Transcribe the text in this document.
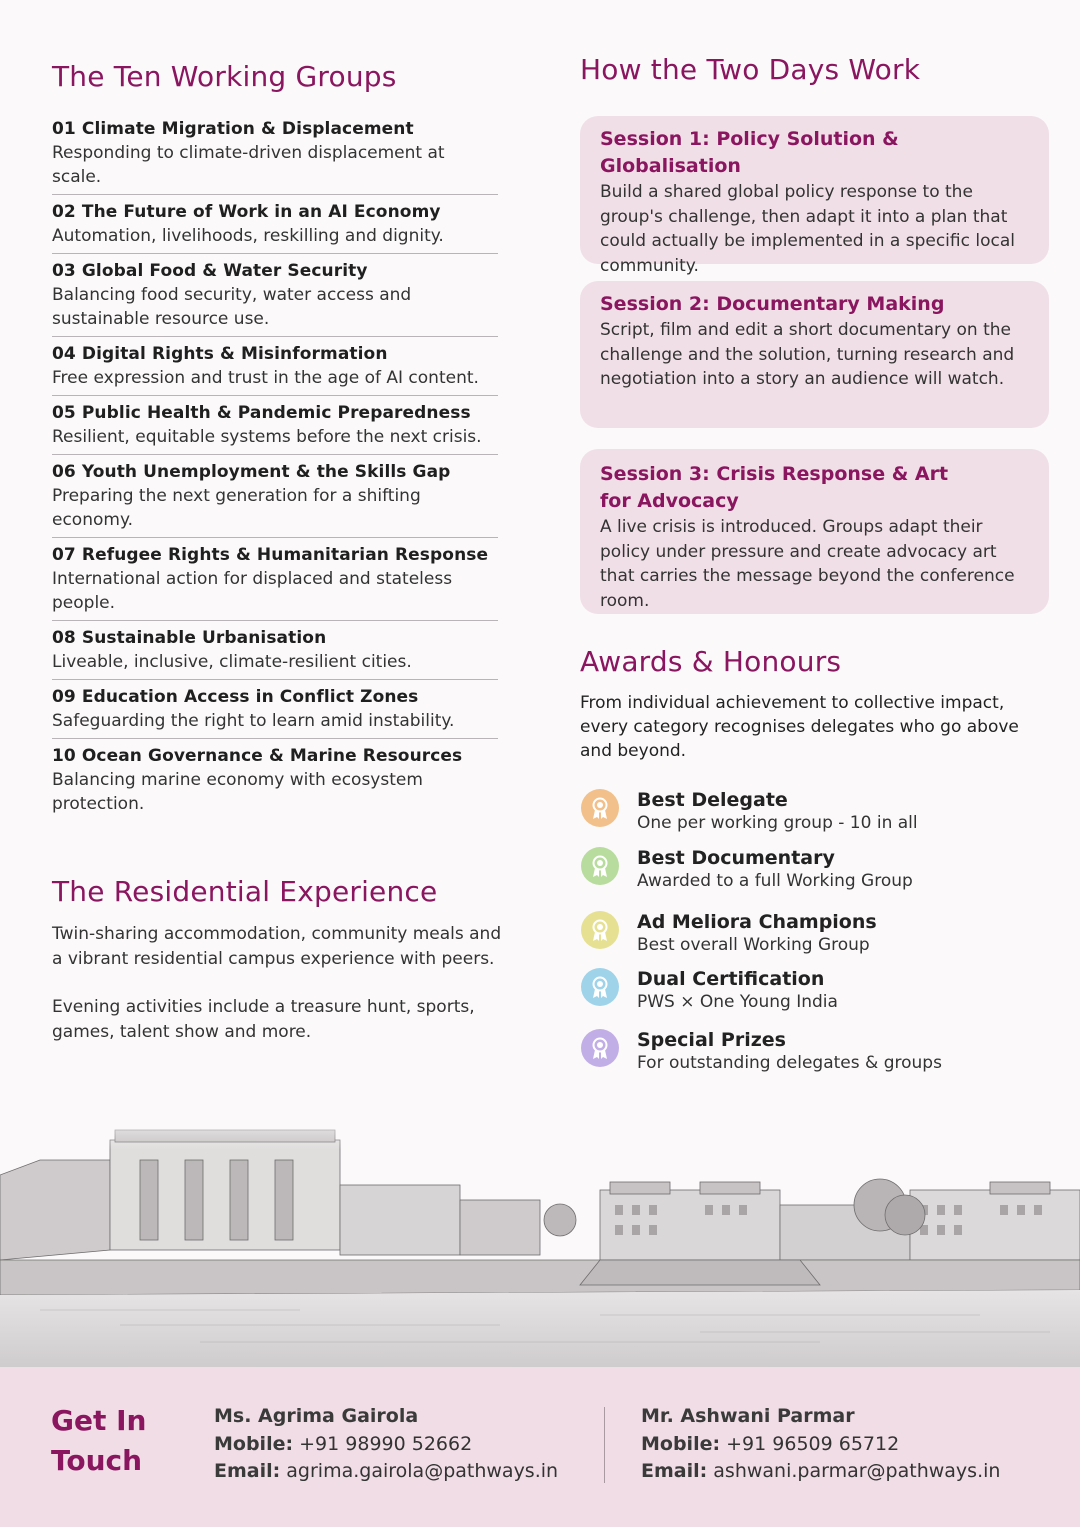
The Ten Working Groups
01 Climate Migration & Displacement
Responding to climate-driven displacement at scale.
02 The Future of Work in an AI Economy
Automation, livelihoods, reskilling and dignity.
03 Global Food & Water Security
Balancing food security, water access and sustainable resource use.
04 Digital Rights & Misinformation
Free expression and trust in the age of AI content.
05 Public Health & Pandemic Preparedness
Resilient, equitable systems before the next crisis.
06 Youth Unemployment & the Skills Gap
Preparing the next generation for a shifting economy.
07 Refugee Rights & Humanitarian Response
International action for displaced and stateless people.
08 Sustainable Urbanisation
Liveable, inclusive, climate-resilient cities.
09 Education Access in Conflict Zones
Safeguarding the right to learn amid instability.
10 Ocean Governance & Marine Resources
Balancing marine economy with ecosystem protection.
The Residential Experience

Twin-sharing accommodation, community meals and a vibrant residential campus experience with peers.

Evening activities include a treasure hunt, sports, games, talent show and more.

How the Two Days Work
Session 1: Policy Solution & Globalisation
Build a shared global policy response to the group's challenge, then adapt it into a plan that could actually be implemented in a specific local community.
Session 2: Documentary Making
Script, film and edit a short documentary on the challenge and the solution, turning research and negotiation into a story an audience will watch.
Session 3: Crisis Response & Art for Advocacy
A live crisis is introduced. Groups adapt their policy under pressure and create advocacy art that carries the message beyond the conference room.
Awards & Honours
From individual achievement to collective impact, every category recognises delegates who go above and beyond.
Best Delegate
One per working group - 10 in all
Best Documentary
Awarded to a full Working Group
Ad Meliora Champions
Best overall Working Group
Dual Certification
PWS × One Young India
Special Prizes
For outstanding delegates & groups
Get In Touch
Ms. Agrima Gairola
Mobile: +91 98990 52662
Email: agrima.gairola@pathways.in
Mr. Ashwani Parmar
Mobile: +91 96509 65712
Email: ashwani.parmar@pathways.in
